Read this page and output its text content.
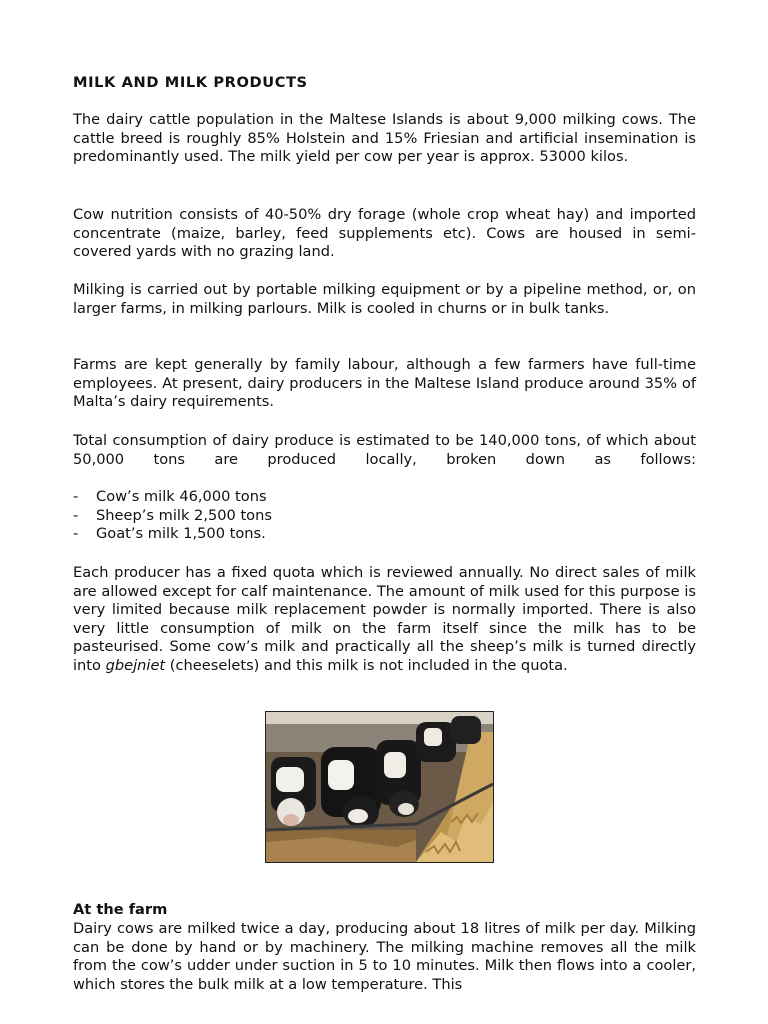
MILK AND MILK PRODUCTS

The dairy cattle population in the Maltese Islands is about 9,000 milking cows. The cattle breed is roughly 85% Holstein and 15% Friesian and artificial insemination is predominantly used. The milk yield per cow per year is approx. 53000 kilos.

Cow nutrition consists of 40-50% dry forage (whole crop wheat hay) and imported concentrate (maize, barley, feed supplements etc). Cows are housed in semi-covered yards with no grazing land.

Milking is carried out by portable milking equipment or by a pipeline method, or, on larger farms, in milking parlours. Milk is cooled in churns or in bulk tanks.

Farms are kept generally by family labour, although a few farmers have full-time employees. At present, dairy producers in the Maltese Island produce around 35% of Malta’s dairy requirements.

Total consumption of dairy produce is estimated to be 140,000 tons, of which about 50,000 tons are produced locally, broken down as follows:

- Cow’s milk 46,000 tons
- Sheep’s milk 2,500 tons
- Goat’s milk 1,500 tons.

Each producer has a fixed quota which is reviewed annually. No direct sales of milk are allowed except for calf maintenance. The amount of milk used for this purpose is very limited because milk replacement powder is normally imported. There is also very little consumption of milk on the farm itself since the milk has to be pasteurised. Some cow’s milk and practically all the sheep’s milk is turned directly into gbejniet (cheeselets) and this milk is not included in the quota.

At the farm

Dairy cows are milked twice a day, producing about 18 litres of milk per day. Milking can be done by hand or by machinery. The milking machine removes all the milk from the cow’s udder under suction in 5 to 10 minutes. Milk then flows into a cooler, which stores the bulk milk at a low temperature. This
